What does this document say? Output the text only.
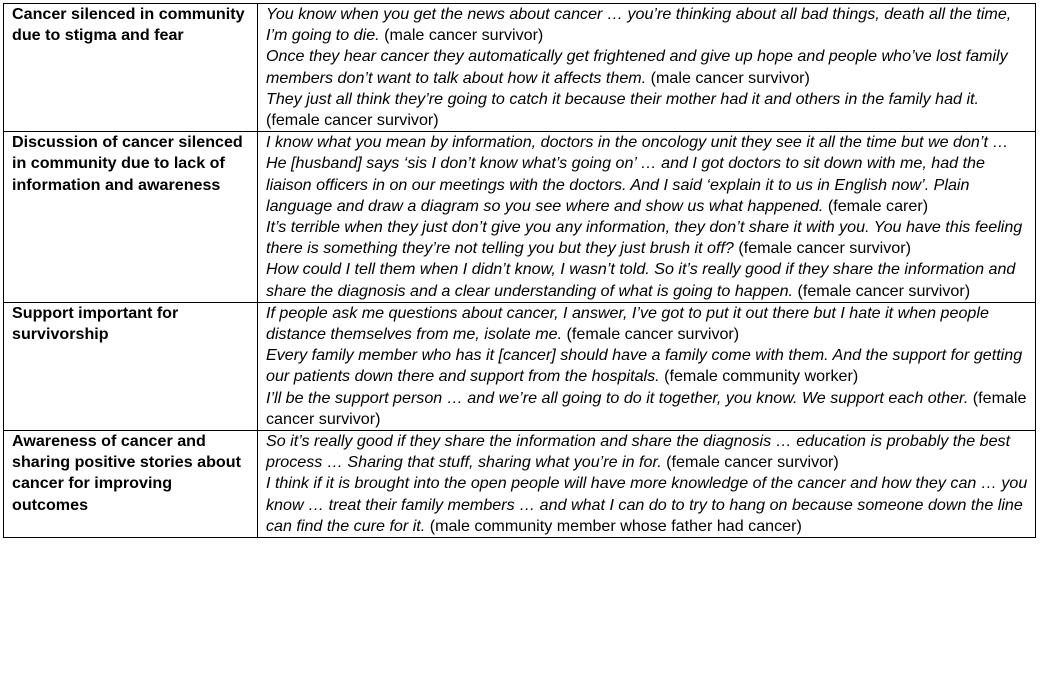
Cancer silenced in community due to stigma and fear	You know when you get the news about cancer … you’re thinking about all bad things, death all the time, I’m going to die. (male cancer survivor)
Once they hear cancer they automatically get frightened and give up hope and people who’ve lost family members don’t want to talk about how it affects them. (male cancer survivor)
They just all think they’re going to catch it because their mother had it and others in the family had it. (female cancer survivor)

Discussion of cancer silenced in community due to lack of information and awareness	I know what you mean by information, doctors in the oncology unit they see it all the time but we don’t … He [husband] says ‘sis I don’t know what’s going on’ … and I got doctors to sit down with me, had the liaison officers in on our meetings with the doctors. And I said ‘explain it to us in English now’. Plain language and draw a diagram so you see where and show us what happened. (female carer)
It’s terrible when they just don’t give you any information, they don’t share it with you. You have this feeling there is something they’re not telling you but they just brush it off? (female cancer survivor)
How could I tell them when I didn’t know, I wasn’t told. So it’s really good if they share the information and share the diagnosis and a clear understanding of what is going to happen. (female cancer survivor)

Support important for survivorship	If people ask me questions about cancer, I answer, I’ve got to put it out there but I hate it when people distance themselves from me, isolate me. (female cancer survivor)
Every family member who has it [cancer] should have a family come with them. And the support for getting our patients down there and support from the hospitals. (female community worker)
I’ll be the support person … and we’re all going to do it together, you know. We support each other. (female cancer survivor)

Awareness of cancer and sharing positive stories about cancer for improving outcomes	So it’s really good if they share the information and share the diagnosis … education is probably the best process … Sharing that stuff, sharing what you’re in for. (female cancer survivor)
I think if it is brought into the open people will have more knowledge of the cancer and how they can … you know … treat their family members … and what I can do to try to hang on because someone down the line can find the cure for it. (male community member whose father had cancer)
